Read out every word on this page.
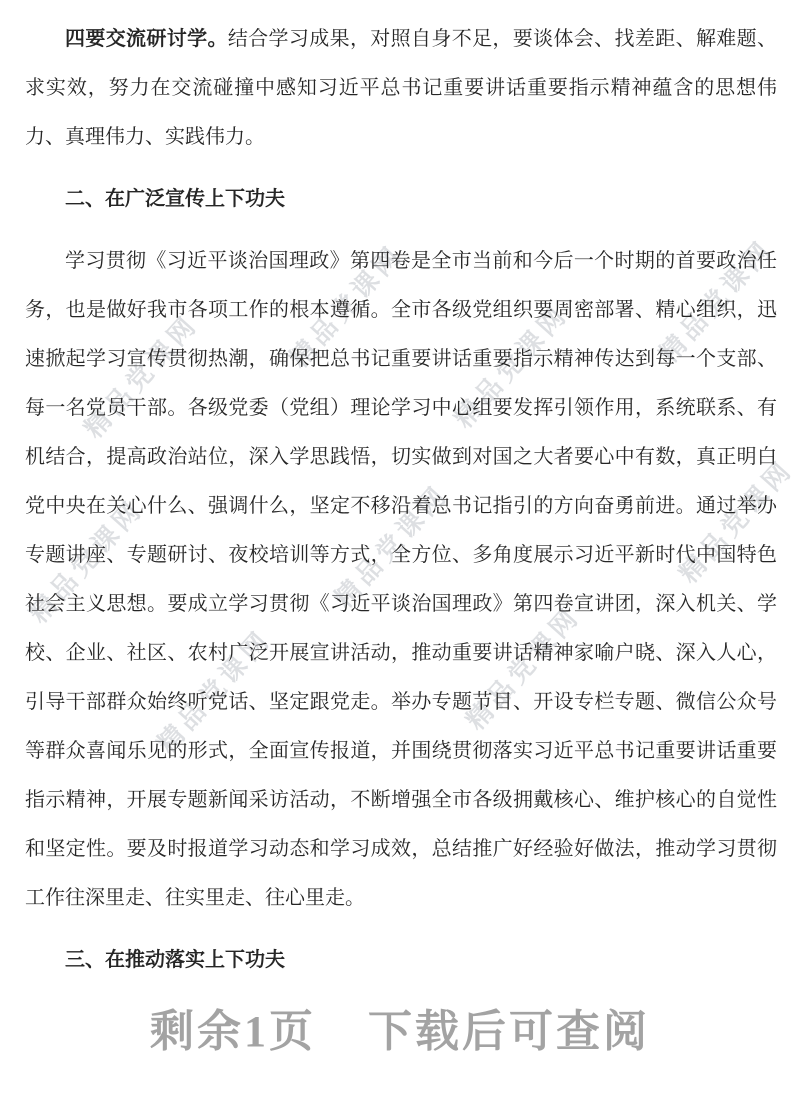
精品党课网
精品党课网 精品党课网	精品党课网
精品党课网	精品党课网	精品党课网
精品党课网	精品党课网

四要交流研讨学。结合学习成果，对照自身不足，要谈体会、找差距、解难题、求实效，努力在交流碰撞中感知习近平总书记重要讲话重要指示精神蕴含的思想伟力、真理伟力、实践伟力。

二、在广泛宣传上下功夫

学习贯彻《习近平谈治国理政》第四卷是全市当前和今后一个时期的首要政治任务，也是做好我市各项工作的根本遵循。全市各级党组织要周密部署、精心组织，迅速掀起学习宣传贯彻热潮，确保把总书记重要讲话重要指示精神传达到每一个支部、每一名党员干部。各级党委（党组）理论学习中心组要发挥引领作用，系统联系、有机结合，提高政治站位，深入学思践悟，切实做到对国之大者要心中有数，真正明白党中央在关心什么、强调什么，坚定不移沿着总书记指引的方向奋勇前进。通过举办专题讲座、专题研讨、夜校培训等方式，全方位、多角度展示习近平新时代中国特色社会主义思想。要成立学习贯彻《习近平谈治国理政》第四卷宣讲团，深入机关、学校、企业、社区、农村广泛开展宣讲活动，推动重要讲话精神家喻户晓、深入人心，引导干部群众始终听党话、坚定跟党走。举办专题节目、开设专栏专题、微信公众号等群众喜闻乐见的形式，全面宣传报道，并围绕贯彻落实习近平总书记重要讲话重要指示精神，开展专题新闻采访活动，不断增强全市各级拥戴核心、维护核心的自觉性和坚定性。要及时报道学习动态和学习成效，总结推广好经验好做法，推动学习贯彻工作往深里走、往实里走、往心里走。

三、在推动落实上下功夫
剩余1页 下载后可查阅
